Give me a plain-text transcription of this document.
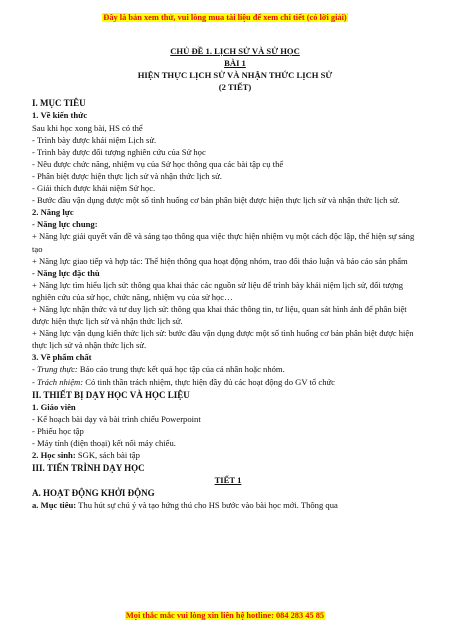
Đây là bản xem thử, vui lòng mua tài liệu để xem chi tiết (có lời giải)

CHỦ ĐỀ 1. LỊCH SỬ VÀ SỬ HỌC

BÀI 1

HIỆN THỰC LỊCH SỬ VÀ NHẬN THỨC LỊCH SỬ

(2 TIẾT)

I. MỤC TIÊU

1. Về kiến thức

Sau khi học xong bài, HS có thể

- Trình bày được khái niệm Lịch sử.

- Trình bày được đối tượng nghiên cứu của Sử học

- Nêu được chức năng, nhiệm vụ của Sử học thông qua các bài tập cụ thể

- Phân biệt được hiện thực lịch sử và nhận thức lịch sử.

- Giải thích được khái niệm Sử học.

- Bước đầu vận dụng được một số tình huống cơ bản phân biệt được hiện thực lịch sử và nhận thức lịch sử.

2. Năng lực

- Năng lực chung:

+ Năng lực giải quyết vấn đề và sáng tạo thông qua việc thực hiện nhiệm vụ một cách độc lập, thể hiện sự sáng tạo

+ Năng lực giao tiếp và hợp tác: Thể hiện thông qua hoạt động nhóm, trao đổi thảo luận và báo cáo sản phẩm

- Năng lực đặc thù

+ Năng lực tìm hiểu lịch sử: thông qua khai thác các nguồn sử liệu để trình bày khái niệm lịch sử, đối tượng nghiên cứu của sử học, chức năng, nhiệm vụ của sử học…

+ Năng lực nhận thức và tư duy lịch sử: thông qua khai thác thông tin, tư liệu, quan sát hình ảnh để phân biệt được hiện thực lịch sử và nhận thức lịch sử.

+ Năng lực vận dụng kiến thức lịch sử: bước đầu vận dụng được một số tình huống cơ bản phân biệt được hiện thực lịch sử và nhận thức lịch sử.

3. Về phẩm chất

- Trung thực: Báo cáo trung thực kết quả học tập của cá nhân hoặc nhóm.

- Trách nhiệm: Có tinh thần trách nhiệm, thực hiện đầy đủ các hoạt động do GV tổ chức

II. THIẾT BỊ DẠY HỌC VÀ HỌC LIỆU

1. Giáo viên

- Kế hoạch bài dạy và bài trình chiếu Powerpoint

- Phiếu học tập

- Máy tính (điện thoại) kết nối máy chiếu.

2. Học sinh: SGK, sách bài tập

III. TIẾN TRÌNH DẠY HỌC

TIẾT 1

A. HOẠT ĐỘNG KHỞI ĐỘNG

a. Mục tiêu: Thu hút sự chú ý và tạo hứng thú cho HS bước vào bài học mới. Thông qua

Mọi thắc mắc vui lòng xin liên hệ hotline: 084 283 45 85
